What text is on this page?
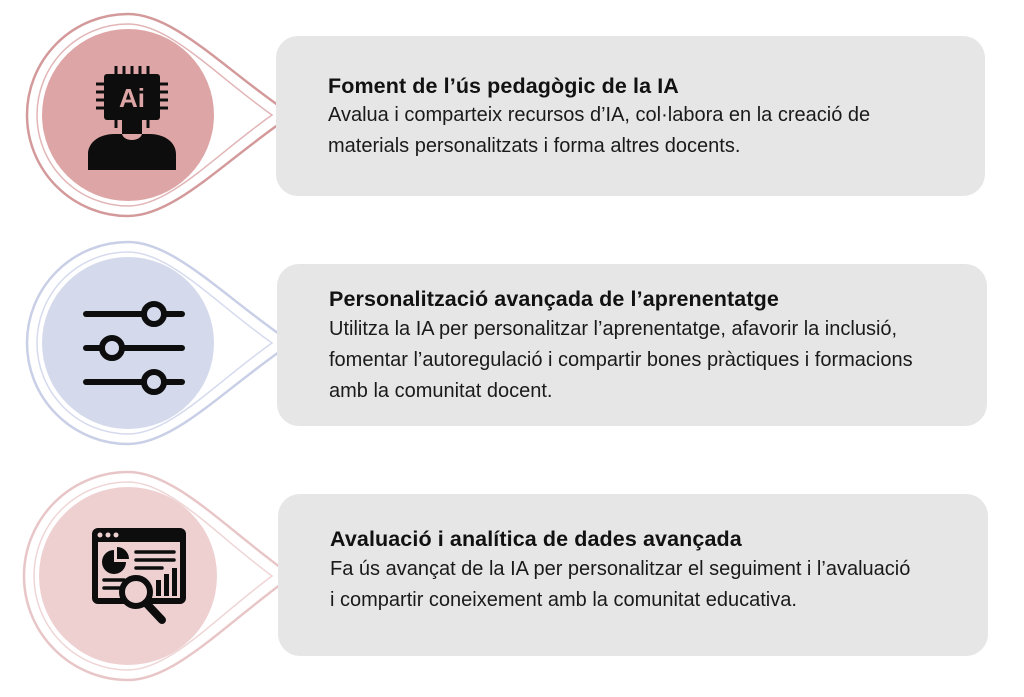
Ai	Foment de l’ús pedagògic de la IA
Avalua i comparteix recursos d’IA, col·labora en la creació de
materials personalitzats i forma altres docents.
Personalització avançada de l’aprenentatge
Utilitza la IA per personalitzar l’aprenentatge, afavorir la inclusió,
fomentar l’autoregulació i compartir bones pràctiques i formacions
amb la comunitat docent.
Avaluació i analítica de dades avançada
Fa ús avançat de la IA per personalitzar el seguiment i l’avaluació
i compartir coneixement amb la comunitat educativa.
